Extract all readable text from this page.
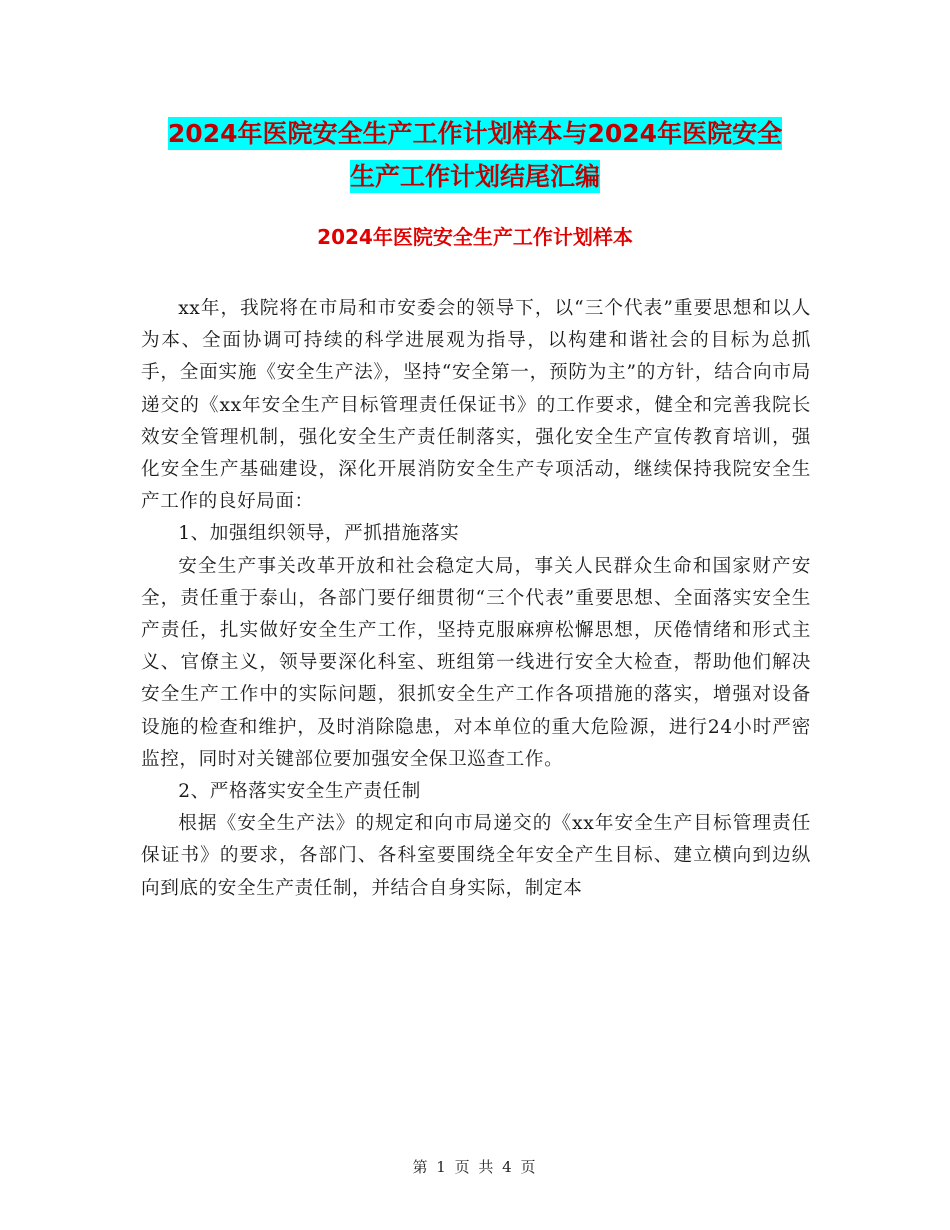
2024年医院安全生产工作计划样本与2024年医院安全
生产工作计划结尾汇编
2024年医院安全生产工作计划样本

xx年，我院将在市局和市安委会的领导下，以“三个代表”重要思想和以人为本、全面协调可持续的科学进展观为指导，以构建和谐社会的目标为总抓手，全面实施《安全生产法》，坚持“安全第一，预防为主”的方针，结合向市局递交的《xx年安全生产目标管理责任保证书》的工作要求，健全和完善我院长效安全管理机制，强化安全生产责任制落实，强化安全生产宣传教育培训，强化安全生产基础建设，深化开展消防安全生产专项活动，继续保持我院安全生产工作的良好局面：

1、加强组织领导，严抓措施落实

安全生产事关改革开放和社会稳定大局，事关人民群众生命和国家财产安全，责任重于泰山，各部门要仔细贯彻“三个代表”重要思想、全面落实安全生产责任，扎实做好安全生产工作，坚持克服麻痹松懈思想，厌倦情绪和形式主义、官僚主义，领导要深化科室、班组第一线进行安全大检查，帮助他们解决安全生产工作中的实际问题，狠抓安全生产工作各项措施的落实，增强对设备设施的检查和维护，及时消除隐患，对本单位的重大危险源，进行24小时严密监控，同时对关键部位要加强安全保卫巡查工作。

2、严格落实安全生产责任制

根据《安全生产法》的规定和向市局递交的《xx年安全生产目标管理责任保证书》的要求，各部门、各科室要围绕全年安全产生目标、建立横向到边纵向到底的安全生产责任制，并结合自身实际，制定本

第 1 页 共 4 页
